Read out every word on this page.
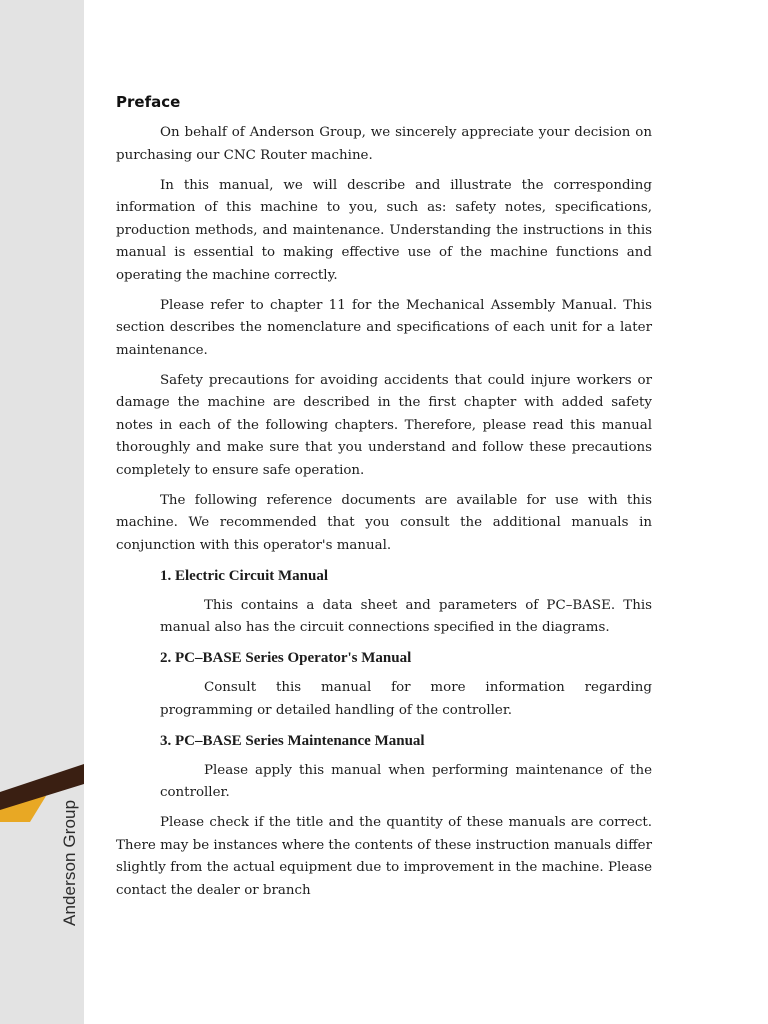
Anderson Group
Preface

On behalf of Anderson Group, we sincerely appreciate your decision on purchasing our CNC Router machine.

In this manual, we will describe and illustrate the corresponding information of this machine to you, such as: safety notes, specifications, production methods, and maintenance. Understanding the instructions in this manual is essential to making effective use of the machine functions and operating the machine correctly.

Please refer to chapter 11 for the Mechanical Assembly Manual. This section describes the nomenclature and specifications of each unit for a later maintenance.

Safety precautions for avoiding accidents that could injure workers or damage the machine are described in the first chapter with added safety notes in each of the following chapters. Therefore, please read this manual thoroughly and make sure that you understand and follow these precautions completely to ensure safe operation.

The following reference documents are available for use with this machine. We recommended that you consult the additional manuals in conjunction with this operator's manual.

1. Electric Circuit Manual

This contains a data sheet and parameters of PC–BASE. This manual also has the circuit connections specified in the diagrams.

2. PC–BASE Series Operator's Manual

Consult this manual for more information regarding programming or detailed handling of the controller.

3. PC–BASE Series Maintenance Manual

Please apply this manual when performing maintenance of the controller.

Please check if the title and the quantity of these manuals are correct. There may be instances where the contents of these instruction manuals differ slightly from the actual equipment due to improvement in the machine. Please contact the dealer or branch
